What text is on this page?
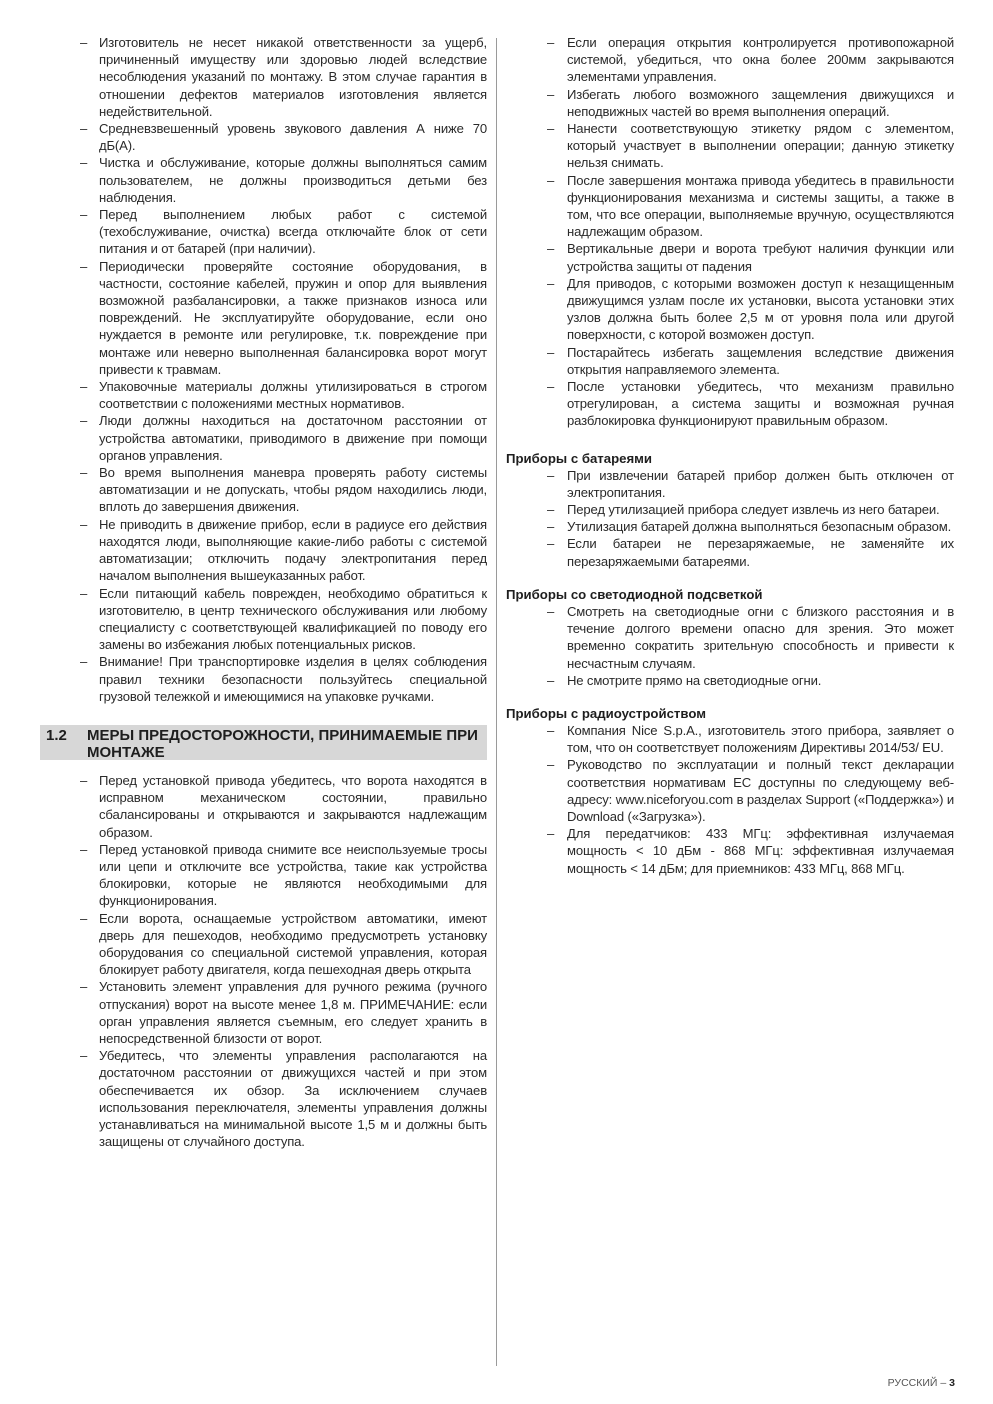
– Изготовитель не несет никакой ответственности за ущерб, причиненный имуществу или здоровью людей вследствие несоблюдения указаний по монтажу. В этом случае гарантия в отношении дефектов материалов изготовления является недействительной.
– Средневзвешенный уровень звукового давления А ниже 70 дБ(А).
– Чистка и обслуживание, которые должны выполняться самим пользователем, не должны производиться детьми без наблюдения.
– Перед выполнением любых работ с системой (техобслуживание, очистка) всегда отключайте блок от сети питания и от батарей (при наличии).
– Периодически проверяйте состояние оборудования, в частности, состояние кабелей, пружин и опор для выявления возможной разбалансировки, а также признаков износа или повреждений. Не эксплуатируйте оборудование, если оно нуждается в ремонте или регулировке, т.к. повреждение при монтаже или неверно выполненная балансировка ворот могут привести к травмам.
– Упаковочные материалы должны утилизироваться в строгом соответствии с положениями местных нормативов.
– Люди должны находиться на достаточном расстоянии от устройства автоматики, приводимого в движение при помощи органов управления.
– Во время выполнения маневра проверять работу системы автоматизации и не допускать, чтобы рядом находились люди, вплоть до завершения движения.
– Не приводить в движение прибор, если в радиусе его действия находятся люди, выполняющие какие-либо работы с системой автоматизации; отключить подачу электропитания перед началом выполнения вышеуказанных работ.
– Если питающий кабель поврежден, необходимо обратиться к изготовителю, в центр технического обслуживания или любому специалисту с соответствующей квалификацией по поводу его замены во избежания любых потенциальных рисков.
– Внимание! При транспортировке изделия в целях соблюдения правил техники безопасности пользуйтесь специальной грузовой тележкой и имеющимися на упаковке ручками.
1.2 МЕРЫ ПРЕДОСТОРОЖНОСТИ, ПРИНИМАЕМЫЕ ПРИ МОНТАЖЕ
– Перед установкой привода убедитесь, что ворота находятся в исправном механическом состоянии, правильно сбалансированы и открываются и закрываются надлежащим образом.
– Перед установкой привода снимите все неиспользуемые тросы или цепи и отключите все устройства, такие как устройства блокировки, которые не являются необходимыми для функционирования.
– Если ворота, оснащаемые устройством автоматики, имеют дверь для пешеходов, необходимо предусмотреть установку оборудования со специальной системой управления, которая блокирует работу двигателя, когда пешеходная дверь открыта
– Установить элемент управления для ручного режима (ручного отпускания) ворот на высоте менее 1,8 м. ПРИМЕЧАНИЕ: если орган управления является съемным, его следует хранить в непосредственной близости от ворот.
– Убедитесь, что элементы управления располагаются на достаточном расстоянии от движущихся частей и при этом обеспечивается их обзор. За исключением случаев использования переключателя, элементы управления должны устанавливаться на минимальной высоте 1,5 м и должны быть защищены от случайного доступа.
– Если операция открытия контролируется противопожарной системой, убедиться, что окна более 200мм закрываются элементами управления.
– Избегать любого возможного защемления движущихся и неподвижных частей во время выполнения операций.
– Нанести соответствующую этикетку рядом с элементом, который участвует в выполнении операции; данную этикетку нельзя снимать.
– После завершения монтажа привода убедитесь в правильности функционирования механизма и системы защиты, а также в том, что все операции, выполняемые вручную, осуществляются надлежащим образом.
– Вертикальные двери и ворота требуют наличия функции или устройства защиты от падения
– Для приводов, с которыми возможен доступ к незащищенным движущимся узлам после их установки, высота установки этих узлов должна быть более 2,5 м от уровня пола или другой поверхности, с которой возможен доступ.
– Постарайтесь избегать защемления вследствие движения открытия направляемого элемента.
– После установки убедитесь, что механизм правильно отрегулирован, а система защиты и возможная ручная разблокировка функционируют правильным образом.
Приборы с батареями
– При извлечении батарей прибор должен быть отключен от электропитания.
– Перед утилизацией прибора следует извлечь из него батареи.
– Утилизация батарей должна выполняться безопасным образом.
– Если батареи не перезаряжаемые, не заменяйте их перезаряжаемыми батареями.
Приборы со светодиодной подсветкой
– Смотреть на светодиодные огни с близкого расстояния и в течение долгого времени опасно для зрения. Это может временно сократить зрительную способность и привести к несчастным случаям.
– Не смотрите прямо на светодиодные огни.
Приборы с радиоустройством
– Компания Nice S.p.A., изготовитель этого прибора, заявляет о том, что он соответствует положениям Директивы 2014/53/ EU.
– Руководство по эксплуатации и полный текст декларации соответствия нормативам ЕС доступны по следующему веб-адресу: www.niceforyou.com в разделах Support («Поддержка») и Download («Загрузка»).
– Для передатчиков: 433 МГц: эффективная излучаемая мощность < 10 дБм - 868 МГц: эффективная излучаемая мощность < 14 дБм; для приемников: 433 МГц, 868 МГц.
РУССКИЙ – 3
